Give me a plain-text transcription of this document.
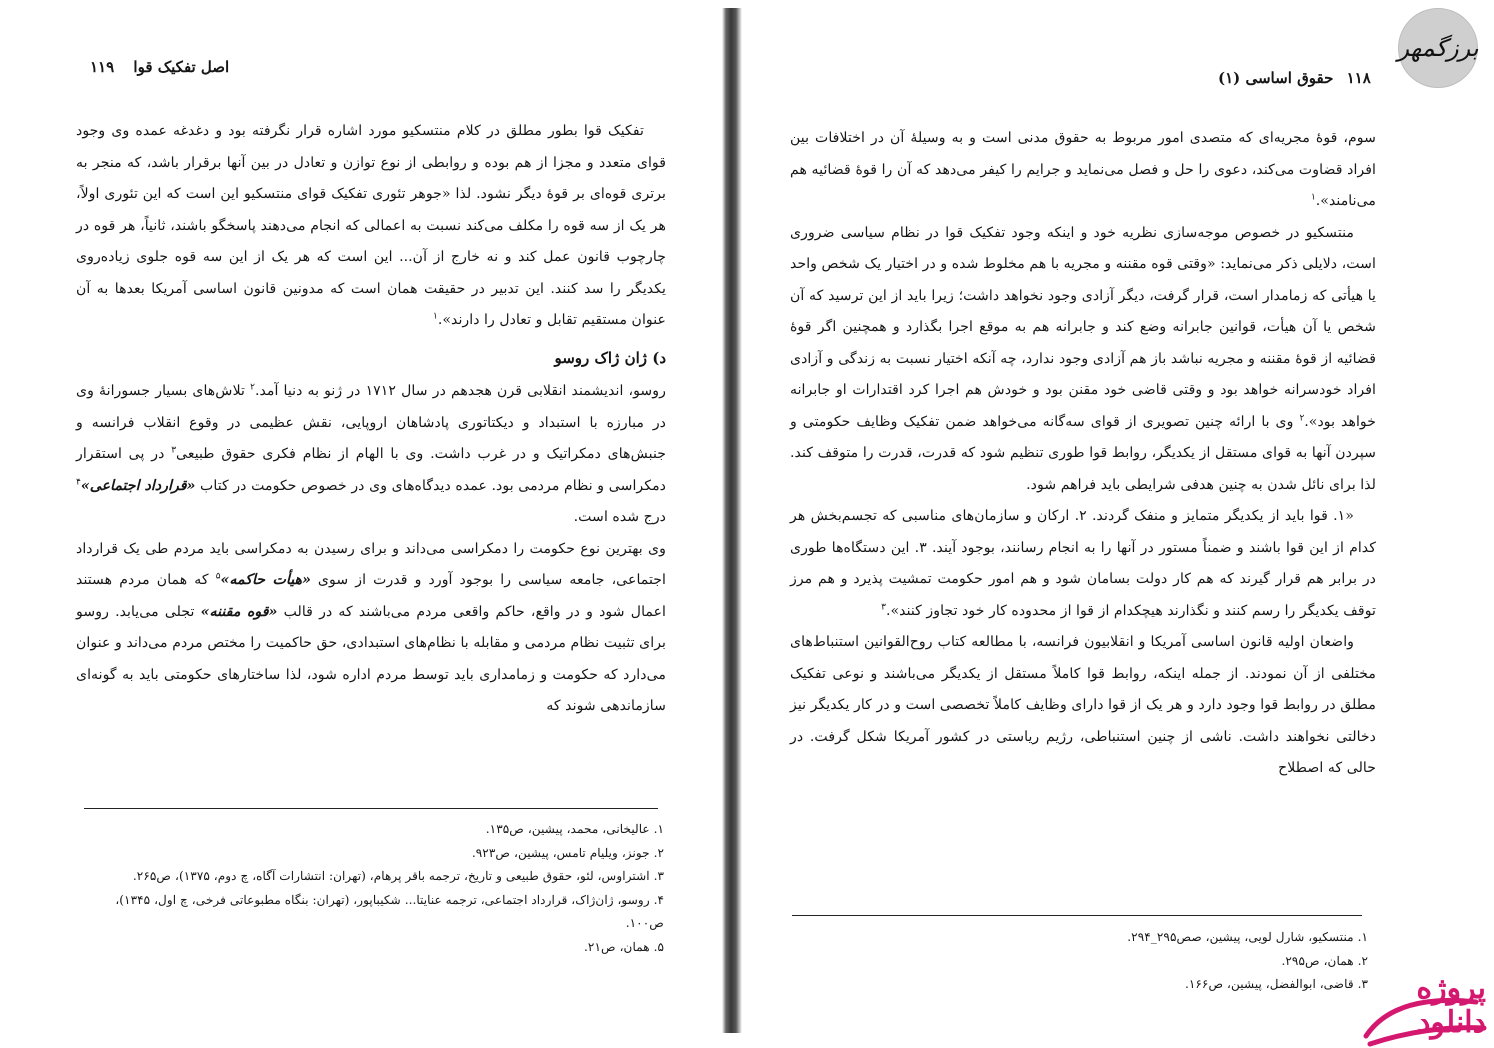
اصل تفکیک قوا ۱۱۹

تفکیک قوا بطور مطلق در کلام منتسکیو مورد اشاره قرار نگرفته بود و دغدغه عمده وی وجود قوای متعدد و مجزا از هم بوده و روابطی از نوع توازن و تعادل در بین آنها برقرار باشد، که منجر به برتری قوه‌ای بر قوهٔ دیگر نشود. لذا «جوهر تئوری تفکیک قوای منتسکیو این است که این تئوری اولاً، هر یک از سه قوه را مکلف می‌کند نسبت به اعمالی که انجام می‌دهند پاسخگو باشند، ثانیاً، هر قوه در چارچوب قانون عمل کند و نه خارج از آن... این است که هر یک از این سه قوه جلوی زیاده‌روی یکدیگر را سد کنند. این تدبیر در حقیقت همان است که مدونین قانون اساسی آمریکا بعدها به آن عنوان مستقیم تقابل و تعادل را دارند».$^۱$

د) ژان ژاک روسو

رو‌سو، اندیشمند انقلابی قرن هجدهم در سال ۱۷۱۲ در ژنو به دنیا آمد.$^۲$ تلاش‌های بسیار جسورانهٔ وی در مبارزه با استبداد و دیکتاتوری پادشاهان اروپایی، نقش عظیمی در وقوع انقلاب فرانسه و جنبش‌های دمکراتیک و در غرب داشت. وی با الهام از نظام فکری حقوق طبیعی$^۳$ در پی استقرار دمکراسی و نظام مردمی بود. عمده دیدگاه‌های وی در خصوص حکومت در کتاب «قرارداد اجتماعی»$^۴$ درج شده است.

وی بهترین نوع حکومت را دمکراسی می‌داند و برای رسیدن به دمکراسی باید مردم طی یک قرارداد اجتماعی، جامعه سیاسی را بوجود آورد و قدرت از سوی «هیأت حاکمه»$^۵$ که همان مردم هستند اعمال شود و در واقع، حاکم واقعی مردم می‌باشند که در قالب «قوه مقننه» تجلی می‌یابد. روسو برای تثبیت نظام مردمی و مقابله با نظام‌های استبدادی، حق حاکمیت را مختص مردم می‌داند و عنوان می‌دارد که حکومت و زمامداری باید توسط مردم اداره شود، لذا ساختارهای حکومتی باید به گونه‌ای سازماندهی شوند که

۱. عالیخانی، محمد، پیشین، ص۱۳۵.
۲. جونز، ویلیام تامس، پیشین، ص۹۲۳.
۳. اشتراوس، لئو، حقوق طبیعی و تاریخ، ترجمه باقر پرهام، (تهران: انتشارات آگاه، چ دوم، ۱۳۷۵)، ص۲۶۵.
۴. روسو، ژان‌ژاک، قرارداد اجتماعی، ترجمه عنایتا... شکیباپور، (تهران: بنگاه مطبوعاتی فرخی، چ اول، ۱۳۴۵)، ص۱۰۰.
۵. همان، ص۲۱.
۱۱۸ حقوق اساسی (۱)

سوم، قوهٔ مجریه‌ای که متصدی امور مربوط به حقوق مدنی است و به وسیلهٔ آن در اختلافات بین افراد قضاوت می‌کند، دعوی را حل و فصل می‌نماید و جرایم را کیفر می‌دهد که آن را قوهٔ قضائیه هم می‌نامند».$^۱$

منتسکیو در خصوص موجه‌سازی نظریه خود و اینکه وجود تفکیک قوا در نظام سیاسی ضروری است، دلایلی ذکر می‌نماید: «وقتی قوه مقننه و مجریه با هم مخلوط شده و در اختیار یک شخص واحد یا هیأتی که زمامدار است، قرار گرفت، دیگر آزادی وجود نخواهد داشت؛ زیرا باید از این ترسید که آن شخص یا آن هیأت، قوانین جابرانه وضع کند و جابرانه هم به موقع اجرا بگذارد و همچنین اگر قوهٔ قضائیه از قوهٔ مقننه و مجریه نباشد باز هم آزادی وجود ندارد، چه آنکه اختیار نسبت به زندگی و آزادی افراد خودسرانه خواهد بود و وقتی قاضی خود مقنن بود و خودش هم اجرا کرد اقتدارات او جابرانه خواهد بود».$^۲$ وی با ارائه چنین تصویری از قوای سه‌گانه می‌خواهد ضمن تفکیک وظایف حکومتی و سپردن آنها به قوای مستقل از یکدیگر، روابط قوا طوری تنظیم شود که قدرت، قدرت را متوقف کند. لذا برای نائل شدن به چنین هدفی شرایطی باید فراهم شود.

«۱. قوا باید از یکدیگر متمایز و منفک گردند. ۲. ارکان و سازمان‌های مناسبی که تجسم‌بخش هر کدام از این قوا باشند و ضمناً مستور در آنها را به انجام رسانند، بوجود آیند. ۳. این دستگاه‌ها طوری در برابر هم قرار گیرند که هم کار دولت بسامان شود و هم امور حکومت تمشیت پذیرد و هم مرز توقف یکدیگر را رسم کنند و نگذارند هیچکدام از قوا از محدوده کار خود تجاوز کنند».$^۳$

واضعان اولیه قانون اساسی آمریکا و انقلابیون فرانسه، با مطالعه کتاب روح‌القوانین استنباط‌های مختلفی از آن نمودند. از جمله اینکه، روابط قوا کاملاً مستقل از یکدیگر می‌باشند و نوعی تفکیک مطلق در روابط قوا وجود دارد و هر یک از قوا دارای وظایف کاملاً تخصصی است و در کار یکدیگر نیز دخالتی نخواهند داشت. ناشی از چنین استنباطی، رژیم ریاستی در کشور آمریکا شکل گرفت. در حالی که اصطلاح

۱. منتسکیو، شارل لویی، پیشین، صص۲۹۵_۲۹۴.
۲. همان، ص۲۹۵.
۳. قاضی، ابوالفضل، پیشین، ص۱۶۶.
برزگمهر
پروژه دانلود
